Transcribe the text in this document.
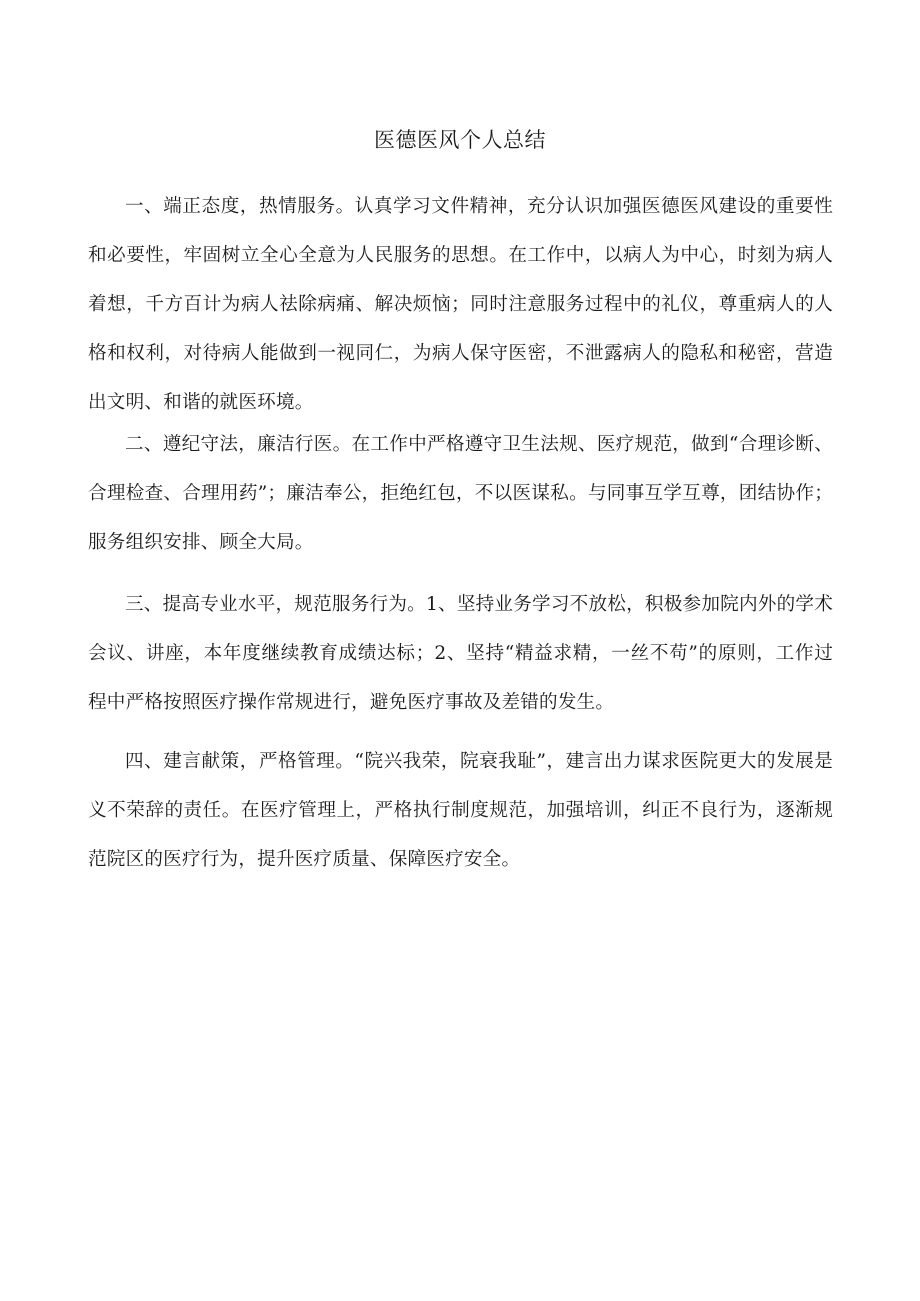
医德医风个人总结

一、端正态度，热情服务。认真学习文件精神，充分认识加强医德医风建设的重要性和必要性，牢固树立全心全意为人民服务的思想。在工作中，以病人为中心，时刻为病人着想，千方百计为病人祛除病痛、解决烦恼；同时注意服务过程中的礼仪，尊重病人的人格和权利，对待病人能做到一视同仁，为病人保守医密，不泄露病人的隐私和秘密，营造出文明、和谐的就医环境。

二、遵纪守法，廉洁行医。在工作中严格遵守卫生法规、医疗规范，做到“合理诊断、合理检查、合理用药”；廉洁奉公，拒绝红包，不以医谋私。与同事互学互尊，团结协作；服务组织安排、顾全大局。

三、提高专业水平，规范服务行为。1、坚持业务学习不放松，积极参加院内外的学术会议、讲座，本年度继续教育成绩达标；2、坚持“精益求精，一丝不苟”的原则，工作过程中严格按照医疗操作常规进行，避免医疗事故及差错的发生。

四、建言献策，严格管理。“院兴我荣，院衰我耻”，建言出力谋求医院更大的发展是义不荣辞的责任。在医疗管理上，严格执行制度规范，加强培训，纠正不良行为，逐渐规范院区的医疗行为，提升医疗质量、保障医疗安全。
